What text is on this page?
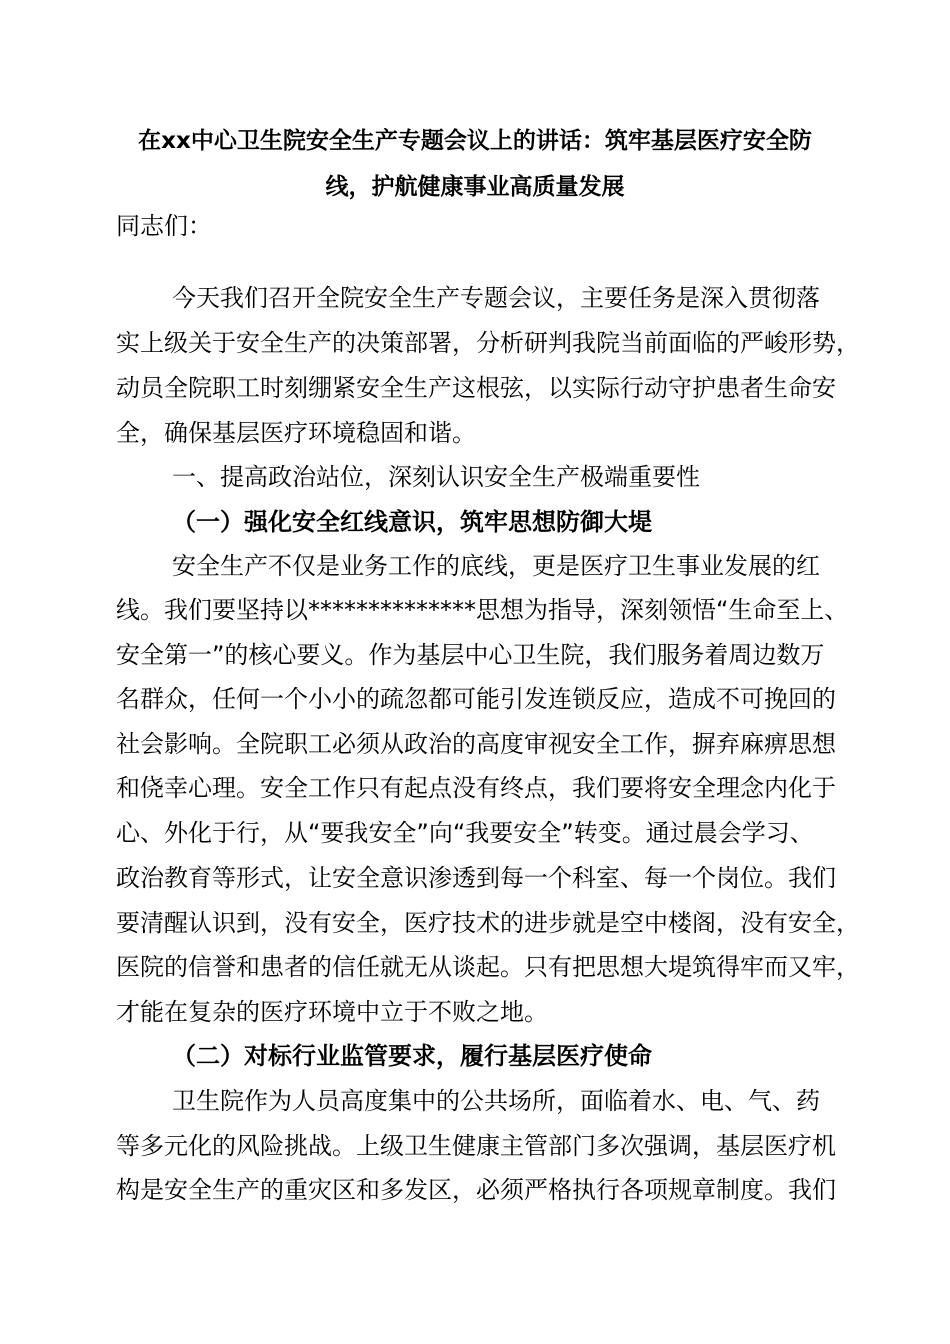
在xx中心卫生院安全生产专题会议上的讲话：筑牢基层医疗安全防
线，护航健康事业高质量发展
同志们：
今天我们召开全院安全生产专题会议，主要任务是深入贯彻落
实上级关于安全生产的决策部署，分析研判我院当前面临的严峻形势，
动员全院职工时刻绷紧安全生产这根弦，以实际行动守护患者生命安
全，确保基层医疗环境稳固和谐。
一、提高政治站位，深刻认识安全生产极端重要性
（一）强化安全红线意识，筑牢思想防御大堤
安全生产不仅是业务工作的底线，更是医疗卫生事业发展的红
线。我们要坚持以**************思想为指导，深刻领悟“生命至上、
安全第一”的核心要义。作为基层中心卫生院，我们服务着周边数万
名群众，任何一个小小的疏忽都可能引发连锁反应，造成不可挽回的
社会影响。全院职工必须从政治的高度审视安全工作，摒弃麻痹思想
和侥幸心理。安全工作只有起点没有终点，我们要将安全理念内化于
心、外化于行，从“要我安全”向“我要安全”转变。通过晨会学习、
政治教育等形式，让安全意识渗透到每一个科室、每一个岗位。我们
要清醒认识到，没有安全，医疗技术的进步就是空中楼阁，没有安全，
医院的信誉和患者的信任就无从谈起。只有把思想大堤筑得牢而又牢，
才能在复杂的医疗环境中立于不败之地。
（二）对标行业监管要求，履行基层医疗使命
卫生院作为人员高度集中的公共场所，面临着水、电、气、药
等多元化的风险挑战。上级卫生健康主管部门多次强调，基层医疗机
构是安全生产的重灾区和多发区，必须严格执行各项规章制度。我们
